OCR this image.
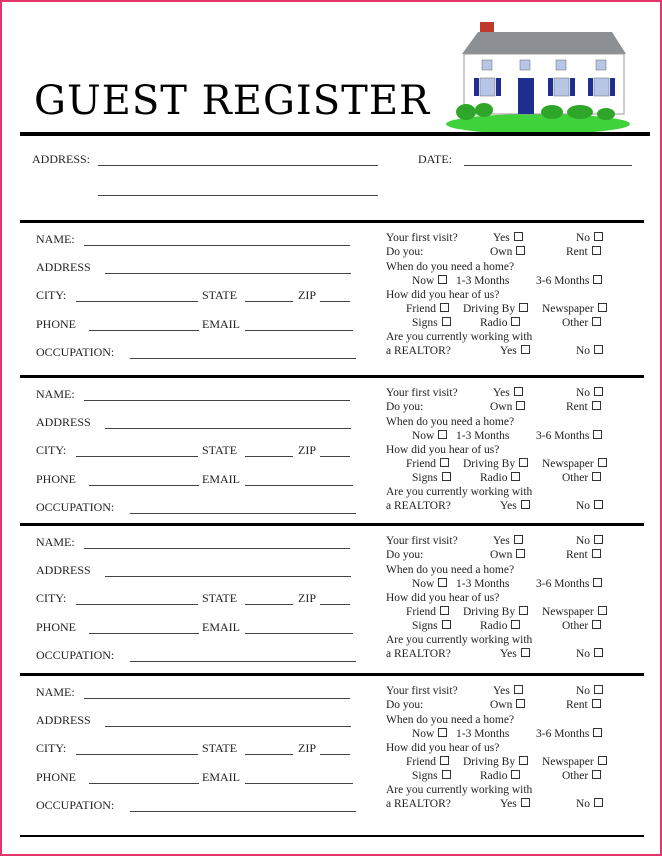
GUEST REGISTER
ADDRESS:	DATE:
NAME:
ADDRESS
CITY:	STATE	ZIP
PHONE	EMAIL
OCCUPATION:
Your first visit?	Yes	No
Do you:	Own	Rent
When do you need a home?
Now	1-3 Months 3-6 Months
How did you hear of us?
Friend	Driving By	Newspaper
Signs	Radio	Other
Are you currently working with
a REALTOR?	Yes	No
NAME:
ADDRESS
CITY:	STATE	ZIP
PHONE	EMAIL
OCCUPATION:
Your first visit?	Yes	No
Do you:	Own	Rent
When do you need a home?
Now	1-3 Months 3-6 Months
How did you hear of us?
Friend	Driving By	Newspaper
Signs	Radio	Other
Are you currently working with
a REALTOR?	Yes	No
NAME:
ADDRESS
CITY:	STATE	ZIP
PHONE	EMAIL
OCCUPATION:
Your first visit?	Yes	No
Do you:	Own	Rent
When do you need a home?
Now	1-3 Months 3-6 Months
How did you hear of us?
Friend	Driving By	Newspaper
Signs	Radio	Other
Are you currently working with
a REALTOR?	Yes	No
NAME:
ADDRESS
CITY:	STATE	ZIP
PHONE	EMAIL
OCCUPATION:
Your first visit?	Yes	No
Do you:	Own	Rent
When do you need a home?
Now	1-3 Months 3-6 Months
How did you hear of us?
Friend	Driving By	Newspaper
Signs	Radio	Other
Are you currently working with
a REALTOR?	Yes	No
